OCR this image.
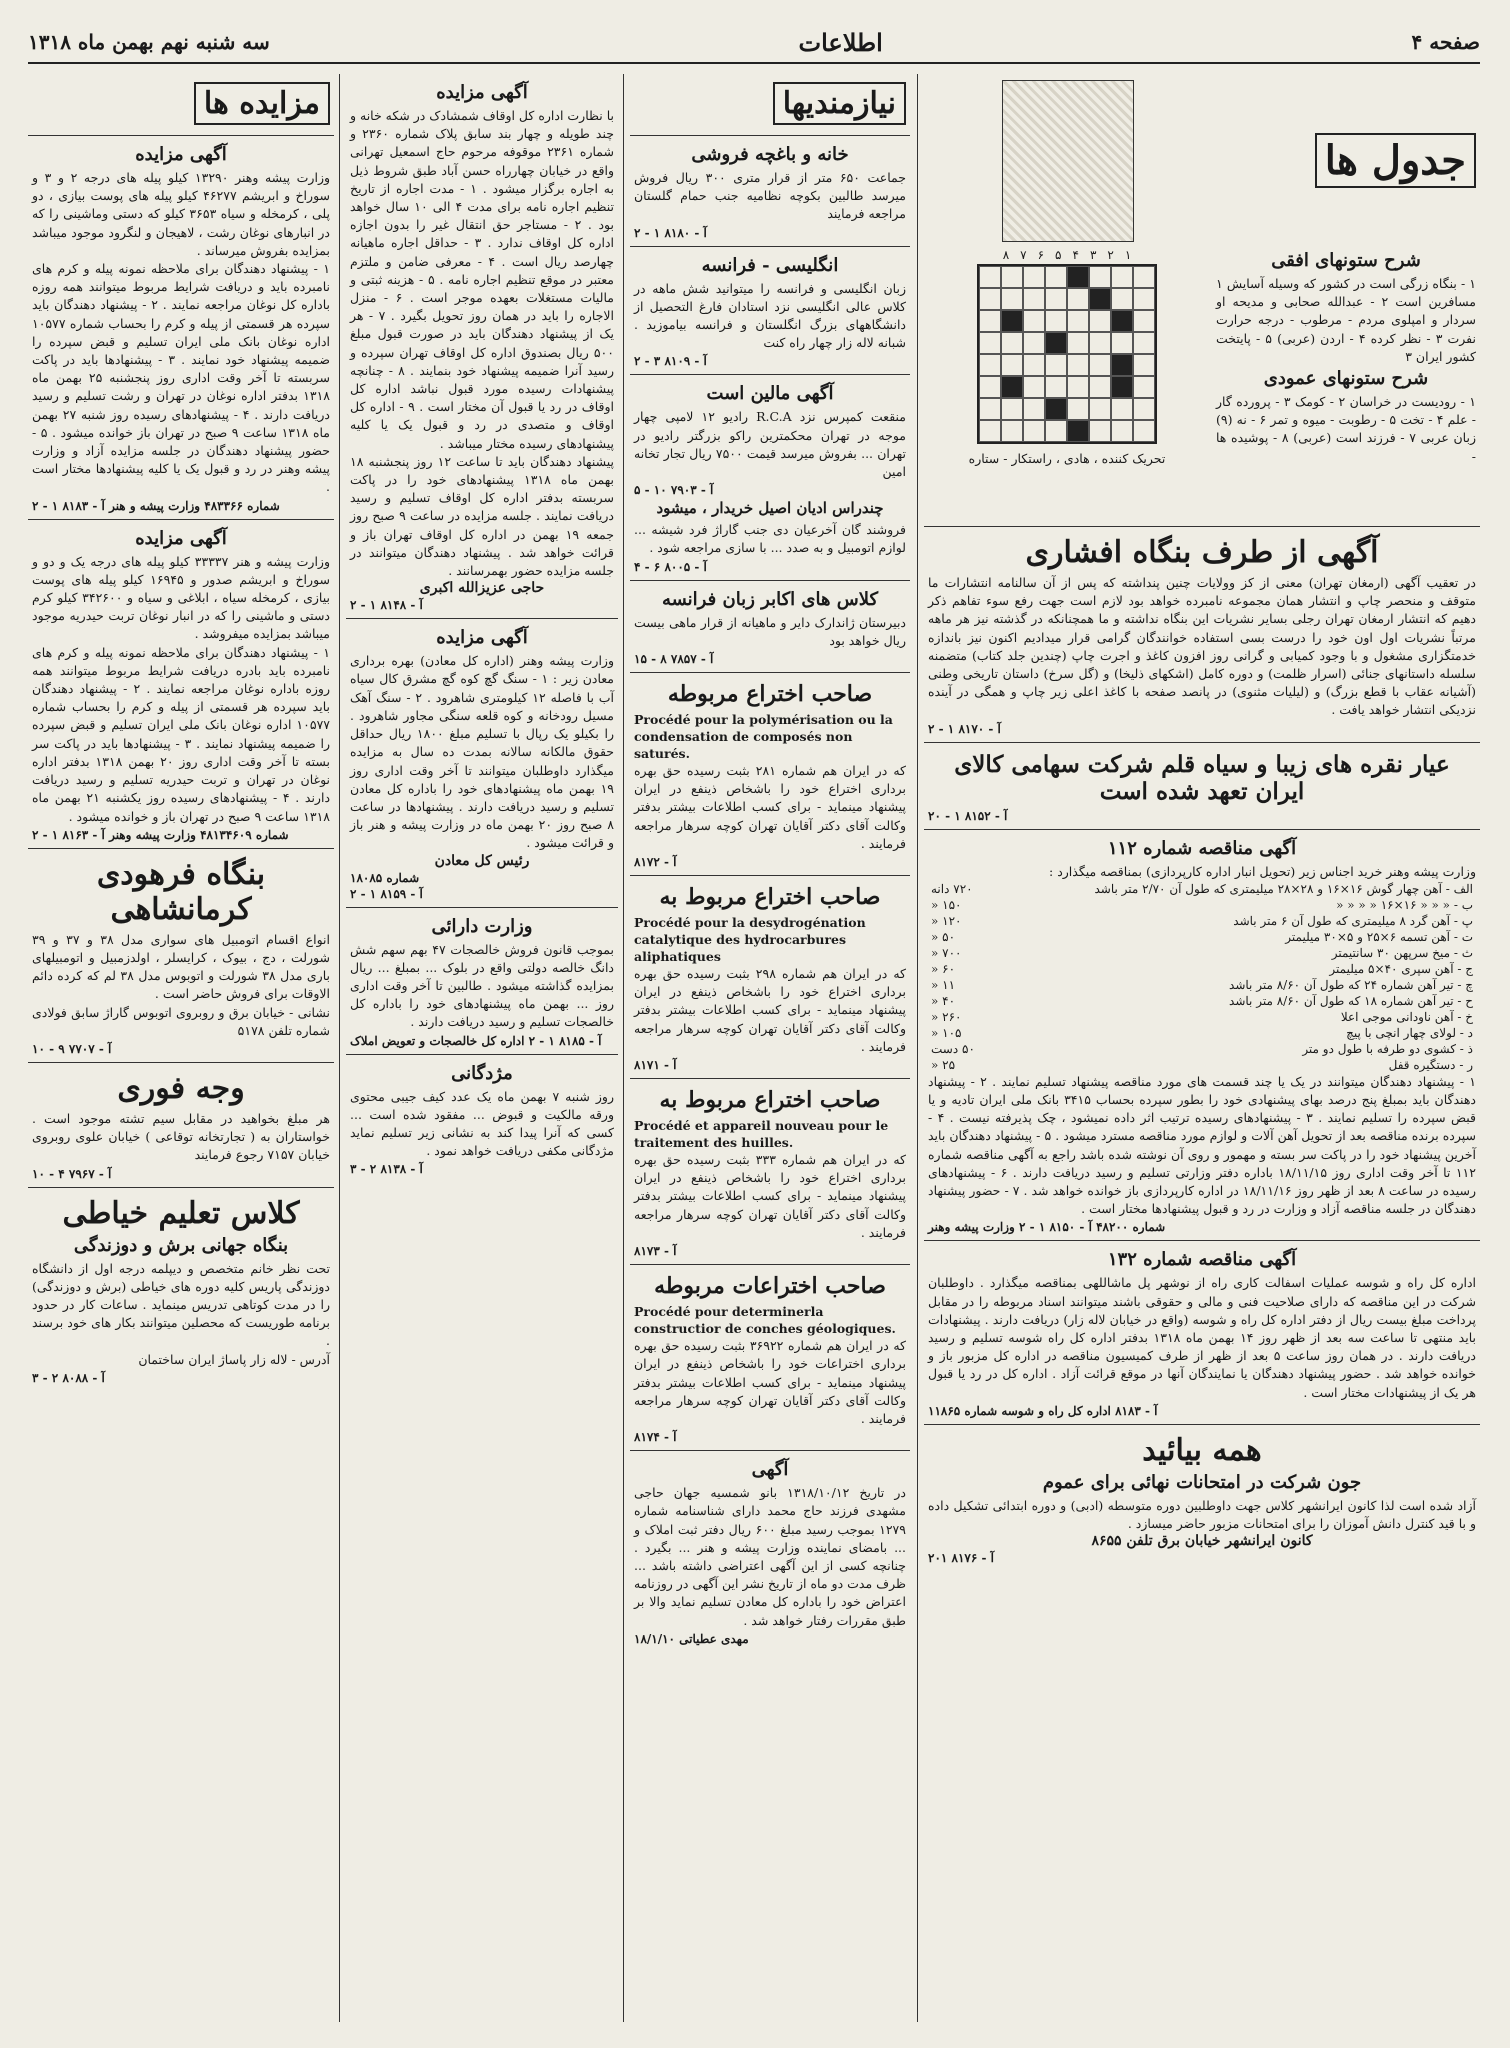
صفحه ۴
اطلاعات
سه شنبه نهم بهمن ماه ۱۳۱۸
جدول ها
شرح ستونهای افقی

۱ - بنگاه زرگی است در کشور که وسیله آسایش ۱ مسافرین است ۲ - عبدالله صحابی و مدیحه او سردار و امپلوی مردم - مرطوب - درجه حرارت نفرت ۳ - نظر کرده ۴ - اردن (عربی) ۵ - پایتخت کشور ایران ۳

شرح ستونهای عمودی

۱ - رودیست در خراسان ۲ - کومک ۳ - پرورده گار - علم ۴ - تخت ۵ - رطوبت - میوه و تمر ۶ - نه (۹) زبان عربی ۷ - فرزند است (عربی) ۸ - پوشیده ها -

۸ ۷ ۶ ۵ ۴ ۳ ۲ ۱

تحریک کننده ، هادی ، راستکار - ستاره

آگهی از طرف بنگاه افشاری

در تعقیب آگهی (ارمغان تهران) معنی از کز وولایات چنین پنداشته که پس از آن سالنامه انتشارات ما متوقف و منحصر چاپ و انتشار همان مجموعه نامبرده خواهد بود لازم است جهت رفع سوء تفاهم ذکر دهیم که انتشار ارمغان تهران رجلی بسایر نشریات این بنگاه نداشته و ما همچنانکه در گذشته نیز هر ماهه مرتباً نشریات اول اون خود را درست بسی استفاده خوانندگان گرامی قرار میدادیم اکنون نیز باندازه خدمتگزاری مشغول و با وجود کمیابی و گرانی روز افزون کاغذ و اجرت چاپ (چندین جلد کتاب) متضمنه سلسله داستانهای جنائی (اسرار ظلمت) و دوره کامل (اشکهای ذلیخا) و (گل سرخ) داستان تاریخی وطنی (آشیانه عقاب با قطع بزرگ) و (لیلیات مثنوی) در پانصد صفحه با کاغذ اعلی زیر چاپ و همگی در آینده نزدیکی انتشار خواهد یافت .

آ - ۸۱۷۰ ۱ - ۲
عیار نقره های زیبا و سیاه قلم شرکت سهامی کالای ایران تعهد شده است
آ - ۸۱۵۲ ۱ - ۲۰
آگهی مناقصه شماره ۱۱۲

وزارت پیشه وهنر خرید اجناس زیر (تحویل انبار اداره کارپردازی) بمناقصه میگذارد :

الف - آهن چهار گوش ۱۶×۱۶ و ۲۸×۲۸ میلیمتری که طول آن ۲/۷۰ متر باشد	۷۲۰ دانه
ب - « « « ۱۶×۱۶ « « « «	۱۵۰ «
پ - آهن گرد ۸ میلیمتری که طول آن ۶ متر باشد	۱۲۰ «
ت - آهن تسمه ۶×۲۵ و ۵×۳۰ میلیمتر	۵۰ «
ث - میخ سرپهن ۳۰ سانتیمتر	۷۰۰ «
ج - آهن سپری ۴۰×۵ میلیمتر	۶۰ «
چ - تیر آهن شماره ۲۴ که طول آن ۸/۶۰ متر باشد	۱۱ «
ح - تیر آهن شماره ۱۸ که طول آن ۸/۶۰ متر باشد	۴۰ «
خ - آهن ناودانی موجی اعلا	۲۶۰ «
د - لولای چهار انچی با پیچ	۱۰۵ «
ذ - کشوی دو طرفه با طول دو متر	۵۰ دست
ر - دستگیره قفل	۲۵ «

۱ - پیشنهاد دهندگان میتوانند در یک یا چند قسمت های مورد مناقصه پیشنهاد تسلیم نمایند . ۲ - پیشنهاد دهندگان باید بمبلغ پنج درصد بهای پیشنهادی خود را بطور سپرده بحساب ۳۴۱۵ بانک ملی ایران تادیه و یا قبض سپرده را تسلیم نمایند . ۳ - پیشنهادهای رسیده ترتیب اثر داده نمیشود ، چک پذیرفته نیست . ۴ - سپرده برنده مناقصه بعد از تحویل آهن آلات و لوازم مورد مناقصه مسترد میشود . ۵ - پیشنهاد دهندگان باید آخرین پیشنهاد خود را در پاکت سر بسته و مهمور و روی آن نوشته شده باشد راجع به آگهی مناقصه شماره ۱۱۲ تا آخر وقت اداری روز ۱۸/۱۱/۱۵ باداره دفتر وزارتی تسلیم و رسید دریافت دارند . ۶ - پیشنهادهای رسیده در ساعت ۸ بعد از ظهر روز ۱۸/۱۱/۱۶ در اداره کارپردازی باز خوانده خواهد شد . ۷ - حضور پیشنهاد دهندگان در جلسه مناقصه آزاد و وزارت در رد و قبول پیشنهادها مختار است .

شماره ۴۸۲۰۰ آ - ۸۱۵۰ ۱ - ۲ وزارت پیشه وهنر
آگهی مناقصه شماره ۱۳۲

اداره کل راه و شوسه عملیات اسفالت کاری راه از نوشهر پل ماشاللهی بمناقصه میگذارد . داوطلبان شرکت در این مناقصه که دارای صلاحیت فنی و مالی و حقوقی باشند میتوانند اسناد مربوطه را در مقابل پرداخت مبلغ بیست ریال از دفتر اداره کل راه و شوسه (واقع در خیابان لاله زار) دریافت دارند . پیشنهادات باید منتهی تا ساعت سه بعد از ظهر روز ۱۴ بهمن ماه ۱۳۱۸ بدفتر اداره کل راه شوسه تسلیم و رسید دریافت دارند . در همان روز ساعت ۵ بعد از ظهر از طرف کمیسیون مناقصه در اداره کل مزبور باز و خوانده خواهد شد . حضور پیشنهاد دهندگان یا نمایندگان آنها در موقع قرائت آزاد . اداره کل در رد یا قبول هر یک از پیشنهادات مختار است .

آ - ۸۱۸۳ اداره کل راه و شوسه شماره ۱۱۸۶۵
همه بیائید
جون شرکت در امتحانات نهائی برای عموم

آزاد شده است لذا کانون ایرانشهر کلاس جهت داوطلبین دوره متوسطه (ادبی) و دوره ابتدائی تشکیل داده و با قید کنترل دانش آموزان را برای امتحانات مزبور حاضر میسازد .

کانون ایرانشهر خیابان برق تلفن ۸۶۵۵
آ - ۸۱۷۶ ۲۰۱
نیازمندیها
خانه و باغچه فروشی

جماعت ۶۵۰ متر از قرار متری ۳۰۰ ریال فروش میرسد طالبین بکوچه نظامیه جنب حمام گلستان مراجعه فرمایند

آ - ۸۱۸۰ ۱ - ۲
انگلیسی - فرانسه

زبان انگلیسی و فرانسه را میتوانید شش ماهه در کلاس عالی انگلیسی نزد استادان فارغ التحصیل از دانشگاههای بزرگ انگلستان و فرانسه بیاموزید . شبانه لاله زار چهار راه کنت

آ - ۸۱۰۹ ۳ - ۲
آگهی مالین است

منقعت کمپرس نزد R.C.A رادیو ۱۲ لامپی چهار موجه در تهران محکمترین راکو بزرگتر رادیو در تهران ... بفروش میرسد قیمت ۷۵۰۰ ریال تجار تخانه امین

آ - ۷۹۰۳ ۱۰ - ۵
چندراس ادیان اصیل خریدار ، میشود

فروشند گان آخرعیان دی جنب گاراژ فرد شیشه ... لوازم اتومبیل و به صدد ... با سازی مراجعه شود .

آ - ۸۰۰۵ ۶ - ۴
کلاس های اکابر زبان فرانسه

دبیرستان ژاندارک دایر و ماهیانه از قرار ماهی بیست ریال خواهد بود

آ - ۷۸۵۷ ۸ - ۱۵
صاحب اختراع مربوطه
Procédé pour la polymérisation ou la condensation de composés non saturés.

که در ایران هم شماره ۲۸۱ بثبت رسیده حق بهره برداری اختراع خود را باشخاص ذینفع در ایران پیشنهاد مینماید - برای کسب اطلاعات بیشتر بدفتر وکالت آقای دکتر آقایان تهران کوچه سرهار مراجعه فرمایند .

آ - ۸۱۷۲
صاحب اختراع مربوط به
Procédé pour la desydrogénation catalytique des hydrocarbures aliphatiques

که در ایران هم شماره ۲۹۸ بثبت رسیده حق بهره برداری اختراع خود را باشخاص ذینفع در ایران پیشنهاد مینماید - برای کسب اطلاعات بیشتر بدفتر وکالت آقای دکتر آقایان تهران کوچه سرهار مراجعه فرمایند .

آ - ۸۱۷۱
صاحب اختراع مربوط به
Procédé et appareil nouveau pour le traitement des huilles.

که در ایران هم شماره ۳۳۳ بثبت رسیده حق بهره برداری اختراع خود را باشخاص ذینفع در ایران پیشنهاد مینماید - برای کسب اطلاعات بیشتر بدفتر وکالت آقای دکتر آقایان تهران کوچه سرهار مراجعه فرمایند .

آ - ۸۱۷۳
صاحب اختراعات مربوطه
Procédé pour determinerla constructior de conches géologiques.

که در ایران هم شماره ۳۶۹۲۲ بثبت رسیده حق بهره برداری اختراعات خود را باشخاص ذینفع در ایران پیشنهاد مینماید - برای کسب اطلاعات بیشتر بدفتر وکالت آقای دکتر آقایان تهران کوچه سرهار مراجعه فرمایند .

آ - ۸۱۷۴
آگهی

در تاریخ ۱۳۱۸/۱۰/۱۲ بانو شمسیه جهان حاجی مشهدی فرزند حاج محمد دارای شناسنامه شماره ۱۲۷۹ بموجب رسید مبلغ ۶۰۰ ریال دفتر ثبت املاک و ... بامضای نماینده وزارت پیشه و هنر ... بگیرد . چنانچه کسی از این آگهی اعتراضی داشته باشد ... ظرف مدت دو ماه از تاریخ نشر این آگهی در روزنامه اعتراض خود را باداره کل معادن تسلیم نماید والا بر طبق مقررات رفتار خواهد شد .

مهدی عطیاتی ۱۸/۱/۱۰
آگهی مزایده

با نظارت اداره کل اوقاف شمشادک در شکه خانه و چند طویله و چهار بند سابق پلاک شماره ۲۳۶۰ و شماره ۲۳۶۱ موقوفه مرحوم حاج اسمعیل تهرانی واقع در خیابان چهارراه حسن آباد طبق شروط ذیل به اجاره برگزار میشود . ۱ - مدت اجاره از تاریخ تنظیم اجاره نامه برای مدت ۴ الی ۱۰ سال خواهد بود . ۲ - مستاجر حق انتقال غیر را بدون اجازه اداره کل اوقاف ندارد . ۳ - حداقل اجاره ماهیانه چهارصد ریال است . ۴ - معرفی ضامن و ملتزم معتبر در موقع تنظیم اجاره نامه . ۵ - هزینه ثبتی و مالیات مستغلات بعهده موجر است . ۶ - منزل الاجاره را باید در همان روز تحویل بگیرد . ۷ - هر یک از پیشنهاد دهندگان باید در صورت قبول مبلغ ۵۰۰ ریال بصندوق اداره کل اوقاف تهران سپرده و رسید آنرا ضمیمه پیشنهاد خود بنمایند . ۸ - چنانچه پیشنهادات رسیده مورد قبول نباشد اداره کل اوقاف در رد یا قبول آن مختار است . ۹ - اداره کل اوقاف و متصدی در رد و قبول یک یا کلیه پیشنهادهای رسیده مختار میباشد .

پیشنهاد دهندگان باید تا ساعت ۱۲ روز پنجشنبه ۱۸ بهمن ماه ۱۳۱۸ پیشنهادهای خود را در پاکت سربسته بدفتر اداره کل اوقاف تسلیم و رسید دریافت نمایند . جلسه مزایده در ساعت ۹ صبح روز جمعه ۱۹ بهمن در اداره کل اوقاف تهران باز و قرائت خواهد شد . پیشنهاد دهندگان میتوانند در جلسه مزایده حضور بهمرسانند .

حاجی عزیزالله اکبری
آ - ۸۱۴۸ ۱ - ۲
آگهی مزایده

وزارت پیشه وهنر (اداره کل معادن) بهره برداری معادن زیر : ۱ - سنگ گچ کوه گچ مشرق کال سیاه آب با فاصله ۱۲ کیلومتری شاهرود . ۲ - سنگ آهک مسیل رودخانه و کوه قلعه سنگی مجاور شاهرود . را بکیلو یک رپال با تسلیم مبلغ ۱۸۰۰ ریال حداقل حقوق مالکانه سالانه بمدت ده سال به مزایده میگذارد داوطلبان میتوانند تا آخر وقت اداری روز ۱۹ بهمن ماه پیشنهادهای خود را باداره کل معادن تسلیم و رسید دریافت دارند . پیشنهادها در ساعت ۸ صبح روز ۲۰ بهمن ماه در وزارت پیشه و هنر باز و قرائت میشود .

رئیس کل معادن
شماره ۱۸۰۸۵
آ - ۸۱۵۹ ۱ - ۲
وزارت دارائی

بموجب قانون فروش خالصجات ۴۷ بهم سهم شش دانگ خالصه دولتی واقع در بلوک ... بمبلغ ... ریال بمزایده گذاشته میشود . طالبین تا آخر وقت اداری روز ... بهمن ماه پیشنهادهای خود را باداره کل خالصجات تسلیم و رسید دریافت دارند .

آ - ۸۱۸۵ ۱ - ۲ اداره کل خالصجات و تعویض املاک
مژدگانی

روز شنبه ۷ بهمن ماه یک عدد کیف جیبی محتوی ورقه مالکیت و قبوض ... مفقود شده است ... کسی که آنرا پیدا کند به نشانی زیر تسلیم نماید مژدگانی مکفی دریافت خواهد نمود .

آ - ۸۱۳۸ ۲ - ۳
مزایده ها
آگهی مزایده

وزارت پیشه وهنر ۱۳۲۹۰ کیلو پیله های درجه ۲ و ۳ و سوراخ و ابریشم ۴۶۲۷۷ کیلو پیله های پوست بیازی ، دو پلی ، کرمخله و سیاه ۳۶۵۳ کیلو که دستی وماشینی را که در انبارهای نوغان رشت ، لاهیجان و لنگرود موجود میباشد بمزایده بفروش میرساند .

۱ - پیشنهاد دهندگان برای ملاحظه نمونه پیله و کرم های نامبرده باید و دریافت شرایط مربوط میتوانند همه روزه باداره کل نوغان مراجعه نمایند . ۲ - پیشنهاد دهندگان باید سپرده هر قسمتی از پیله و کرم را بحساب شماره ۱۰۵۷۷ اداره نوغان بانک ملی ایران تسلیم و قبض سپرده را ضمیمه پیشنهاد خود نمایند . ۳ - پیشنهادها باید در پاکت سربسته تا آخر وقت اداری روز پنجشنبه ۲۵ بهمن ماه ۱۳۱۸ بدفتر اداره نوغان در تهران و رشت تسلیم و رسید دریافت دارند . ۴ - پیشنهادهای رسیده روز شنبه ۲۷ بهمن ماه ۱۳۱۸ ساعت ۹ صبح در تهران باز خوانده میشود . ۵ - حضور پیشنهاد دهندگان در جلسه مزایده آزاد و وزارت پیشه وهنر در رد و قبول یک یا کلیه پیشنهادها مختار است .

شماره ۴۸۳۳۶۶ وزارت پیشه و هنر آ - ۸۱۸۳ ۱ - ۲
آگهی مزایده

وزارت پیشه و هنر ۳۳۳۳۷ کیلو پیله های درجه یک و دو و سوراخ و ابریشم صدور و ۱۶۹۴۵ کیلو پیله های پوست بیازی ، کرمخله سیاه ، ابلاغی و سیاه و ۳۴۲۶۰۰ کیلو کرم دستی و ماشینی را که در انبار نوغان تربت حیدریه موجود میباشد بمزایده میفروشد .

۱ - پیشنهاد دهندگان برای ملاحظه نمونه پیله و کرم های نامبرده باید بادره دریافت شرایط مربوط میتوانند همه روزه باداره نوغان مراجعه نمایند . ۲ - پیشنهاد دهندگان باید سپرده هر قسمتی از پیله و کرم را بحساب شماره ۱۰۵۷۷ اداره نوغان بانک ملی ایران تسلیم و قبض سپرده را ضمیمه پیشنهاد نمایند . ۳ - پیشنهادها باید در پاکت سر بسته تا آخر وقت اداری روز ۲۰ بهمن ۱۳۱۸ بدفتر اداره نوغان در تهران و تربت حیدریه تسلیم و رسید دریافت دارند . ۴ - پیشنهادهای رسیده روز یکشنبه ۲۱ بهمن ماه ۱۳۱۸ ساعت ۹ صبح در تهران باز و خوانده میشود .

شماره ۴۸۱۳۴۶۰۹ وزارت پیشه وهنر آ - ۸۱۶۳ ۱ - ۲
بنگاه فرهودی کرمانشاهی

انواع اقسام اتومبیل های سواری مدل ۳۸ و ۳۷ و ۳۹ شورلت ، دج ، بیوک ، کرایسلر ، اولدزمبیل و اتومبیلهای باری مدل ۳۸ شورلت و اتوبوس مدل ۳۸ لم که کرده دائم الاوقات برای فروش حاضر است .

نشانی - خیابان برق و روبروی اتوبوس گاراژ سابق فولادی شماره تلفن ۵۱۷۸

آ - ۷۷۰۷ ۹ - ۱۰
وجه فوری

هر مبلغ بخواهید در مقابل سیم تشته موجود است . خواستاران به ( تجارتخانه توقاعی ) خیابان علوی روبروی خیابان ۷۱۵۷ رجوع فرمایند

آ - ۷۹۶۷ ۴ - ۱۰
کلاس تعلیم خیاطی
بنگاه جهانی برش و دوزندگی

تحت نظر خانم متخصص و دیپلمه درجه اول از دانشگاه دوزندگی پاریس کلیه دوره های خیاطی (برش و دوزندگی) را در مدت کوتاهی تدریس مینماید . ساعات کار در حدود برنامه طوریست که محصلین میتوانند بکار های خود برسند .

آدرس - لاله زار پاساژ ایران ساختمان

آ - ۸۰۸۸ ۲ - ۳
